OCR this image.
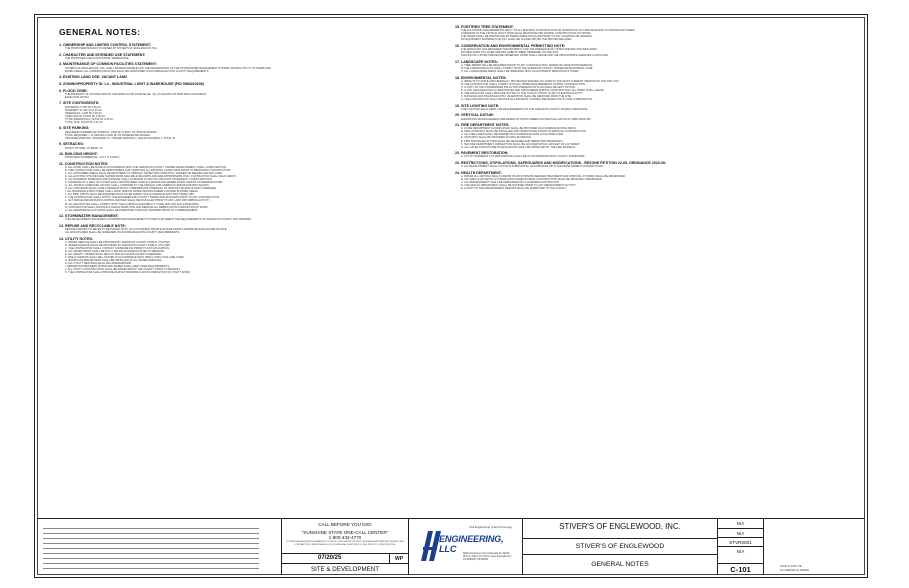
GENERAL NOTES:
1. OWNERSHIP AND LIMITED CONTROL STATEMENT:
THE PROPOSED PROJECT IS OWNED BY STIVER'S OF ENGLEWOOD, INC.
2. CHARACTER AND INTENDED USE STATEMENT:
THE PROPOSED USE IS INDUSTRIAL WAREHOUSE.
3. MAINTENANCE OF COMMON FACILITIES STATEMENT:
STIVER'S OF ENGLEWOOD, INC. SHALL BE RESPONSIBLE FOR THE MAINTENANCE OF THE STORMWATER MANAGEMENT SYSTEM, PRIVATE UTILITY SYSTEMS AND
PAVED AREAS. ALL COMMON FACILITIES SHALL BE MAINTAINED IN ACCORDANCE WITH COUNTY REQUIREMENTS.
4. EXISTING LAND USE: VACANT LAND
5. ZONING/PROPERTY ID: I-4 - INDUSTRIAL LIGHT & WAREHOUSE (PID 0984010208)
6. FLOOD ZONE:
THE PROPERTY IS LOCATED WITHIN THE FEMA FLOOD ZONE AE (EL. 11), AS SHOWN ON FIRM MAP 12115C0542F
EFFECTIVE 3/27/24
7. SITE CONTINGENTS:
BUILDINGS: 5,750 SF 0.66 AC
PAVEMENT: 11,340 SF 0.26 AC
SIDEWALKS: 2,425 SF 0.06 AC
OPEN SPACE: 24,530 SF 0.56 AC
TOTAL IMPERVIOUS: 19,515 SF 0.45 AC
TOTAL SITE: 44,045 SF 1.01 AC
8. SITE PARKING:
REQUIRED COMMERCIAL PARKING: 1/400 SF (2 MIN.) OF OFFICE SPACES
TOTAL REQUIRED = 14 SPACES 1/1000 SF OF WAREHOUSE SPACES
PROVIDED PARKING: STANDARD 12, TRAILER PARKING 2, ADA ACCESSIBLE 1, TOTAL 15
9. SETBACKS:
FRONT: 25' SIDE: 10' REAR: 10'
10. BUILDING HEIGHT:
PROPOSED COMMERCIAL: 20 FT (1 STORY)
11. CONSTRUCTION NOTES:
A. ALL WORK SHALL BE DONE IN ACCORDANCE WITH THE SARASOTA COUNTY UNIFIED DEVELOPMENT CODE, LATEST EDITION.
B. THE CONTRACTOR SHALL BE RESPONSIBLE FOR VERIFYING ALL EXISTING CONDITIONS PRIOR TO BEGINNING CONSTRUCTION.
C. ALL DISTURBED AREAS SHALL BE RESTORED TO ORIGINAL OR BETTER CONDITION, SODDED OR SEEDED AND MULCHED.
D. ALL EXISTING UTILITIES ARE SHOWN FROM AVAILABLE RECORDS AND ARE APPROXIMATE ONLY. CONTRACTOR SHALL FIELD VERIFY.
E. ALL PAVEMENT MARKINGS AND SIGNAGE SHALL CONFORM TO MUTCD AND FDOT STANDARDS, LATEST EDITIONS.
F. A MINIMUM OF 3 FEET OF COVER SHALL BE PROVIDED OVER ALL WATER AND SEWER MAINS UNLESS OTHERWISE NOTED.
G. ALL TRAFFIC SURFACES ON SITE SHALL CONFORM TO THE ASPHALT AND LIMEROCK SPECIFICATIONS SHOWN.
H. ALL CONCRETE SHALL HAVE A MINIMUM 28 DAY COMPRESSIVE STRENGTH OF 3000 PSI UNLESS NOTED OTHERWISE.
I. ALL DRAINAGE STRUCTURES SHALL HAVE TRAFFIC RATED GRATES WHERE LOCATED IN PAVED AREAS.
J. ALL PIPE JOINTS SHALL BE WRAPPED WITH FILTER FABRIC IN ACCORDANCE WITH FDOT INDEX 280.
K. THE CONTRACTOR SHALL NOTIFY THE ENGINEER AND COUNTY INSPECTOR 48 HOURS PRIOR TO ANY CONSTRUCTION.
L. SILT FENCE AND EROSION CONTROL DEVICES SHALL BE INSTALLED PRIOR TO ANY LAND DISTURBING ACTIVITY.
M. ALL ADA ROUTES SHALL COMPLY WITH THE FLORIDA ACCESSIBILITY CODE AND 2010 ADA STANDARDS.
N. CONTRACTOR SHALL MAINTAIN A CLEAN WORK SITE AND REMOVE ALL DEBRIS UPON COMPLETION OF WORK.
O. ALL DEWATERING ACTIVITIES SHALL BE PERMITTED THROUGH SWFWMD PRIOR TO COMMENCEMENT.
12. STORMWATER MANAGEMENT:
THIS DEVELOPMENT PROVIDES A STORMWATER MANAGEMENT SYSTEM THAT MEETS THE REQUIREMENTS OF SARASOTA COUNTY AND SWFWMD.
13. REFUSE AND RECYCLABLE NOTE:
REFUSE AND RECYCLABLES TO BE PICKED UP BY AN AUTHORIZED PRIVATE HAULER FROM A DUMPSTER ENCLOSURE ON SITE.
ALL ENCLOSURES SHALL BE SCREENED IN ACCORDANCE WITH COUNTY REQUIREMENTS.
14. UTILITY NOTES:
A. WATER SERVICE SHALL BE PROVIDED BY SARASOTA COUNTY PUBLIC UTILITIES.
B. SEWER SERVICE SHALL BE PROVIDED BY SARASOTA COUNTY PUBLIC UTILITIES.
C. THE CONTRACTOR SHALL CONTACT SUNSHINE 811 PRIOR TO ANY EXCAVATION.
D. ALL WATER MAINS SHALL BE PVC C-900 DR-18 UNLESS NOTED OTHERWISE.
E. ALL GRAVITY SEWER SHALL BE PVC SDR-26 UNLESS NOTED OTHERWISE.
F. FIRE HYDRANTS SHALL BE LOCATED IN ACCORDANCE WITH NFPA 1 AND LOCAL FIRE CODE.
G. BACKFLOW PREVENTERS SHALL BE INSTALLED AT ALL WATER SERVICES.
H. ALL UTILITY SERVICES SHALL BE UNDERGROUND.
I. SEPARATION BETWEEN WATER AND SEWER SHALL MEET FDEP REQUIREMENTS.
J. ALL UTILITY CONSTRUCTION SHALL BE INSPECTED BY THE COUNTY PRIOR TO BACKFILL.
K. THE CONTRACTOR SHALL PROVIDE AS-BUILT DRAWINGS UPON COMPLETION OF UTILITY WORK.
15. FORTIFIED TREE STATEMENT:
THE FOLLOWING REQUIREMENTS APPLY TO ALL BUILDING CONSTRUCTION OR ALTERATION ON LAND ADJACENT TO PROTECTED TREES.
A MINIMUM OF THE CRITICAL ROOT ZONE SHALL BE PROTECTED DURING CONSTRUCTION ACTIVITIES.
THE TREES SHALL BE PROTECTED BY BARRICADES INSTALLED PRIOR TO ANY CLEARING OR GRADING.
NO EQUIPMENT, MATERIALS OR FILL SHALL BE PLACED WITHIN THE PROTECTED AREA.
16. CONSERVATION AND ENVIRONMENTAL PERMITTING NOTE:
THE APPLICANT HAS REVIEWED THE PROPERTY FOR THE PRESENCE OF LISTED SPECIES AND WETLANDS.
NO WETLANDS OR LISTED SPECIES HABITAT WERE OBSERVED ON THE SITE.
SHOULD ANY LISTED SPECIES BE OBSERVED, WORK SHALL CEASE AND THE APPROPRIATE AGENCIES CONTACTED.
17. LANDSCAPE NOTES:
A. TREE PERMIT WILL BE REQUIRED PRIOR TO ANY CONSTRUCTION, WATER OR VEGETATION REMOVAL.
B. THE LANDSCAPE PLAN SHALL COMPLY WITH THE SARASOTA COUNTY UNIFIED DEVELOPMENT CODE.
C. ALL LANDSCAPED AREAS SHALL BE IRRIGATED WITH AN AUTOMATIC IRRIGATION SYSTEM.
18. ENVIRONMENTAL NOTES:
A. IMPACTS TO STATE AND FEDERALLY PROTECTED SPECIES AS LISTED IN THE MOST CURRENT VERSION OF THE FWC LIST.
B. THE CONTRACTOR SHALL COMPLY WITH ALL NPDES REQUIREMENTS DURING CONSTRUCTION.
C. A COPY OF THE STORMWATER POLLUTION PREVENTION PLAN SHALL BE KEPT ON SITE.
D. IF ANY ARCHAEOLOGICAL RESOURCES ARE DISCOVERED DURING CONSTRUCTION, ALL WORK SHALL CEASE.
E. THE APPLICANT SHALL PROVIDE NOTICE TO THE COUNTY PRIOR TO ANY CLEARING ACTIVITY.
F. NUISANCE AND INVASIVE EXOTIC VEGETATION SHALL BE REMOVED FROM THE SITE.
G. THE CONTRACTOR SHALL MAINTAIN ALL EROSION CONTROL MEASURES UNTIL FINAL STABILIZATION.
19. SITE LIGHTING NOTE:
SITE LIGHTING SHALL MEET THE REQUIREMENTS OF THE SARASOTA COUNTY ZONING ORDINANCE.
20. VERTICAL DATUM:
ELEVATIONS SHOWN HEREON ARE BASED ON NORTH AMERICAN VERTICAL DATUM OF 1988 (NAVD 88).
21. FIRE DEPARTMENT NOTES:
A. A FIRE DEPARTMENT ACCESS ROAD SHALL BE PROVIDED IN ACCORDANCE WITH NFPA 1.
B. FIRE HYDRANTS SHALL BE INSTALLED AND OPERATIONAL PRIOR TO VERTICAL CONSTRUCTION.
C. ALL FIRE LANES SHALL BE MARKED IN ACCORDANCE WITH LOCAL FIRE CODE.
D. KNOX BOX SHALL BE PROVIDED AT MAIN ENTRANCE.
E. FIRE SPRINKLER SYSTEM SHALL BE DESIGNED AND PERMITTED SEPARATELY.
F. THE FIRE DEPARTMENT CONNECTION SHALL BE LOCATED WITHIN 100 FEET OF A HYDRANT.
G. ALL GATES ACROSS FIRE ACCESS ROADS SHALL BE APPROVED BY THE FIRE MARSHAL.
22. PAVEMENT RESTORATION:
A. UTILITY PAVEMENT CUT RESTORATION SHALL BE IN ACCORDANCE WITH COUNTY STANDARDS.
23. RESTRICTIONS, STIPULATIONS, SAFEGUARDS AND MODIFICATIONS - REZONE PETITION 22-09, ORDINANCE 2023-06:
A. ALL DEVELOPMENT SHALL OCCUR IN SUBSTANTIAL ACCORDANCE WITH THE DEVELOPMENT CONCEPT PLAN.
24. HEALTH DEPARTMENT:
A. WATER ALL CENTRAL WELLS AND/OR ON-SITE PRIVATE SEWAGE TREATMENT AND DISPOSAL SYSTEMS SHALL BE ABANDONED.
B. ANY WELLS OR SEPTIC SYSTEMS DISCOVERED DURING CONSTRUCTION SHALL BE PROPERLY ABANDONED.
C. ALL ABANDONMENT SHALL BE PERFORMED BY A LICENSED CONTRACTOR.
D. THE HEALTH DEPARTMENT SHALL BE NOTIFIED PRIOR TO ANY ABANDONMENT ACTIVITY.
E. A COPY OF THE ABANDONMENT REPORT SHALL BE SUBMITTED TO THE COUNTY.
CALL BEFORE YOU DIG!
"SUNSHINE STATE ONE-CALL CENTER"
1-800-432-4770
FLORIDA LAW REQUIRES EXCAVATORS TO NOTIFY THE CENTER TWO FULL BUSINESS DAYS BEFORE DIGGING. THE CONTRACTOR IS RESPONSIBLE FOR LOCATING ALL EXISTING UTILITIES PRIOR TO CONSTRUCTION.
07/20/25	WP
SITE & DEVELOPMENT
Civil Engineering | Land Surveying
ENGINEERING, LLC	5640 Consumer Court Sarasota FL 34240
Phone: (941) 377-9178 | www.amengfl.com
CA #28108 | LB #6004
STIVER'S OF ENGLEWOOD, INC.
STIVER'S OF ENGLEWOOD
GENERAL NOTES
C-101
N/A
N/A
STVR0001
N/A
JOHN D. ENG, PE
FL LICENSE No. 000000
